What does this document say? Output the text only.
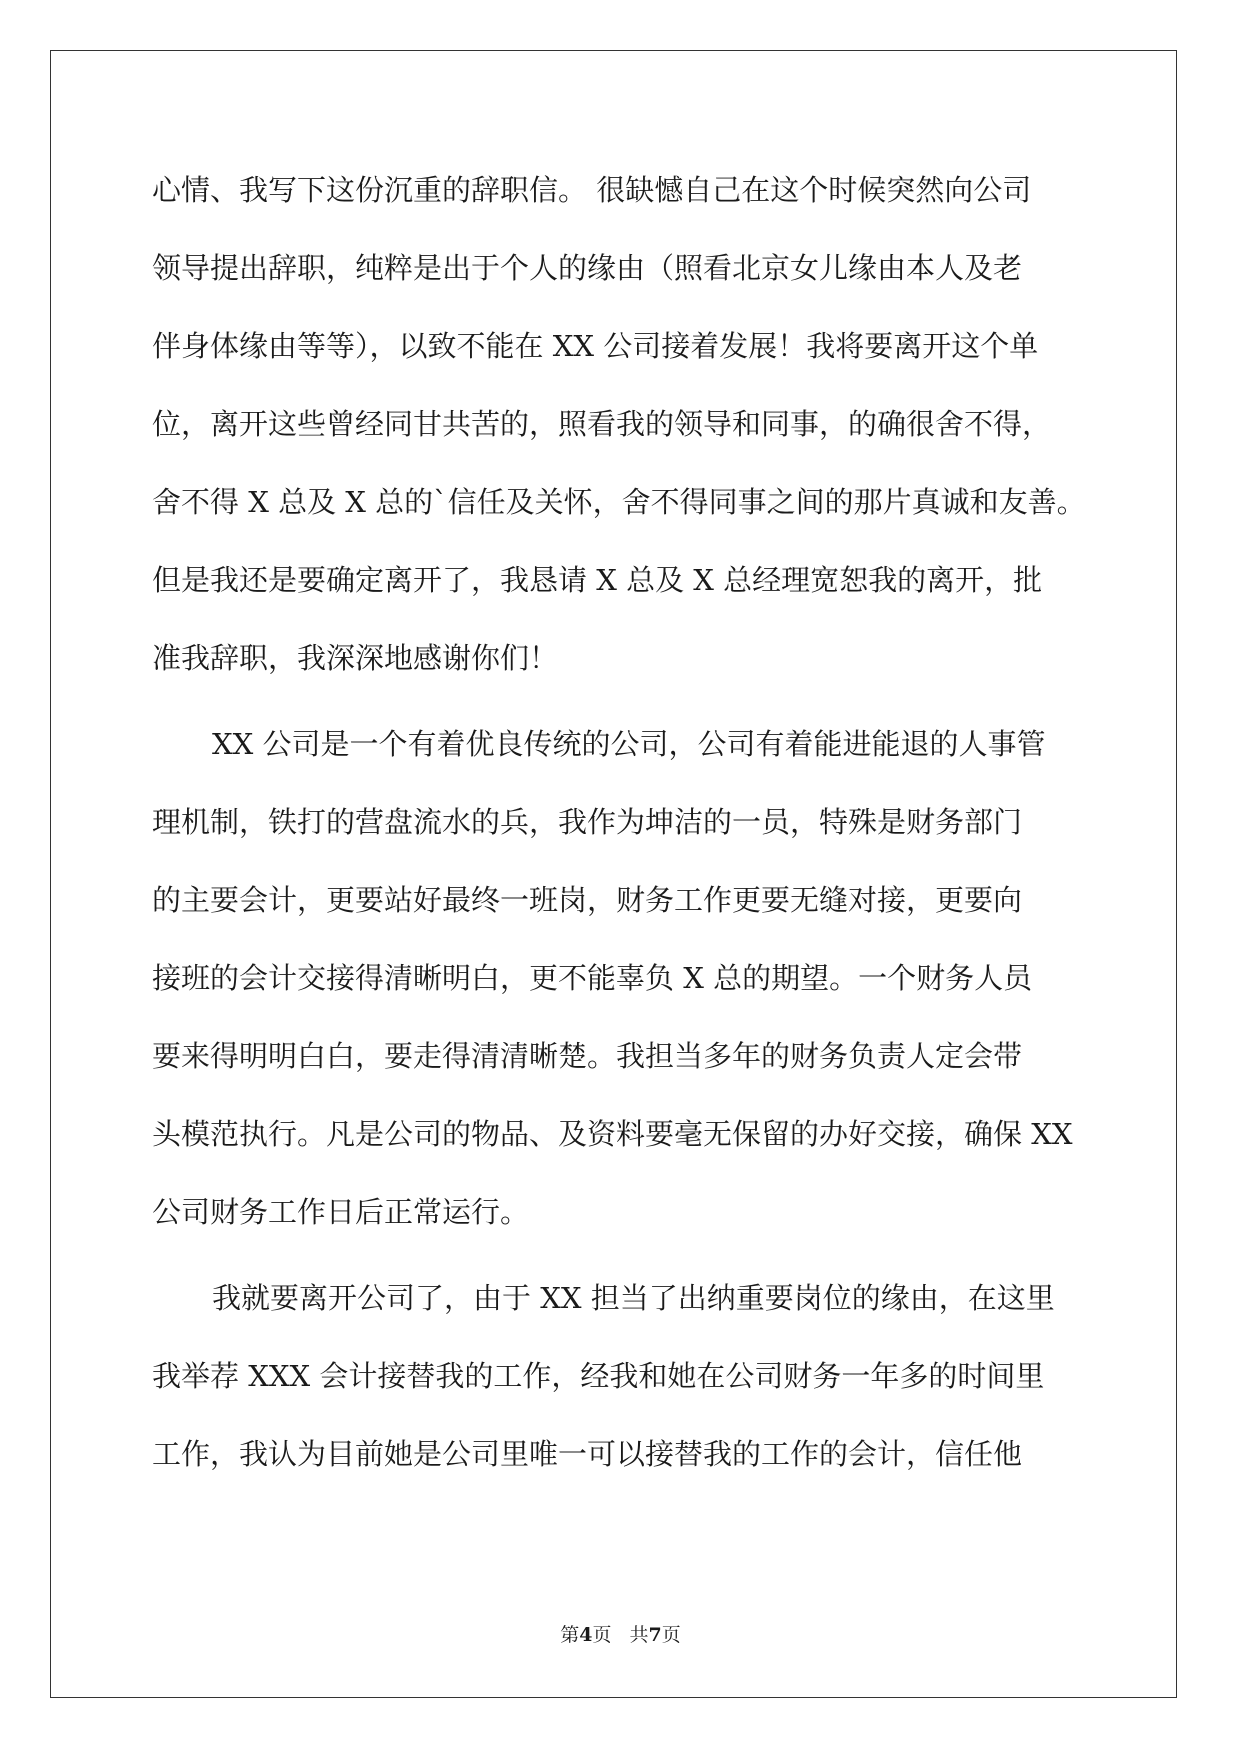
心情、我写下这份沉重的辞职信。 很缺憾自己在这个时候突然向公司
领导提出辞职，纯粹是出于个人的缘由（照看北京女儿缘由本人及老
伴身体缘由等等），以致不能在 XX 公司接着发展！我将要离开这个单
位，离开这些曾经同甘共苦的，照看我的领导和同事，的确很舍不得，
舍不得 X 总及 X 总的`信任及关怀，舍不得同事之间的那片真诚和友善。
但是我还是要确定离开了，我恳请 X 总及 X 总经理宽恕我的离开，批
准我辞职，我深深地感谢你们！
XX 公司是一个有着优良传统的公司，公司有着能进能退的人事管
理机制，铁打的营盘流水的兵，我作为坤洁的一员，特殊是财务部门
的主要会计，更要站好最终一班岗，财务工作更要无缝对接，更要向
接班的会计交接得清晰明白，更不能辜负 X 总的期望。一个财务人员
要来得明明白白，要走得清清晰楚。我担当多年的财务负责人定会带
头模范执行。凡是公司的物品、及资料要毫无保留的办好交接，确保 XX
公司财务工作日后正常运行。
我就要离开公司了，由于 XX 担当了出纳重要岗位的缘由，在这里
我举荐 XXX 会计接替我的工作，经我和她在公司财务一年多的时间里
工作，我认为目前她是公司里唯一可以接替我的工作的会计，信任他
第4页 共7页
